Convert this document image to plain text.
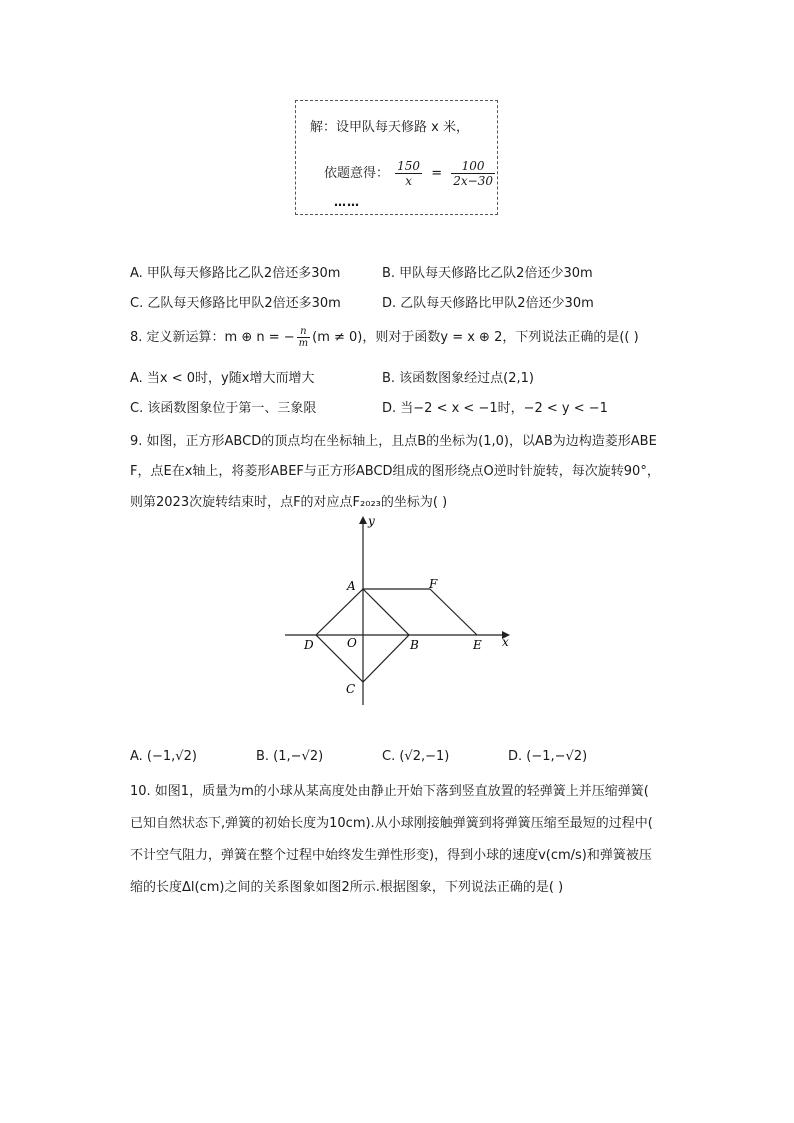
解：设甲队每天修路 x 米，
依题意得： $\frac{150}{x} = \frac{100}{2x-30}$
……
A. 甲队每天修路比乙队2倍还多30m	B. 甲队每天修路比乙队2倍还少30m
C. 乙队每天修路比甲队2倍还多30m	D. 乙队每天修路比甲队2倍还少30m
8. 定义新运算：m ⊕ n = − $\frac{n}{m} (m \ne 0)$，则对于函数y = x ⊕ 2，下列说法正确的是(( )
A. 当x < 0时，y随x增大而增大	B. 该函数图象经过点(2,1)
C. 该函数图象位于第一、三象限	D. 当−2 < x < −1时，−2 < y < −1
9. 如图，正方形ABCD的顶点均在坐标轴上，且点B的坐标为(1,0)，以AB为边构造菱形ABE
F，点E在x轴上，将菱形ABEF与正方形ABCD组成的图形绕点O逆时针旋转，每次旋转90°，
则第2023次旋转结束时，点F的对应点F₂₀₂₃的坐标为( )
y
x
A	F
D	O	B	E
C
A. (−1,√2)	B. (1,−√2)	C. (√2,−1)	D. (−1,−√2)
10. 如图1，质量为m的小球从某高度处由静止开始下落到竖直放置的轻弹簧上并压缩弹簧(
已知自然状态下,弹簧的初始长度为10cm).从小球刚接触弹簧到将弹簧压缩至最短的过程中(
不计空气阻力，弹簧在整个过程中始终发生弹性形变)，得到小球的速度v(cm/s)和弹簧被压
缩的长度Δl(cm)之间的关系图象如图2所示.根据图象，下列说法正确的是( )
